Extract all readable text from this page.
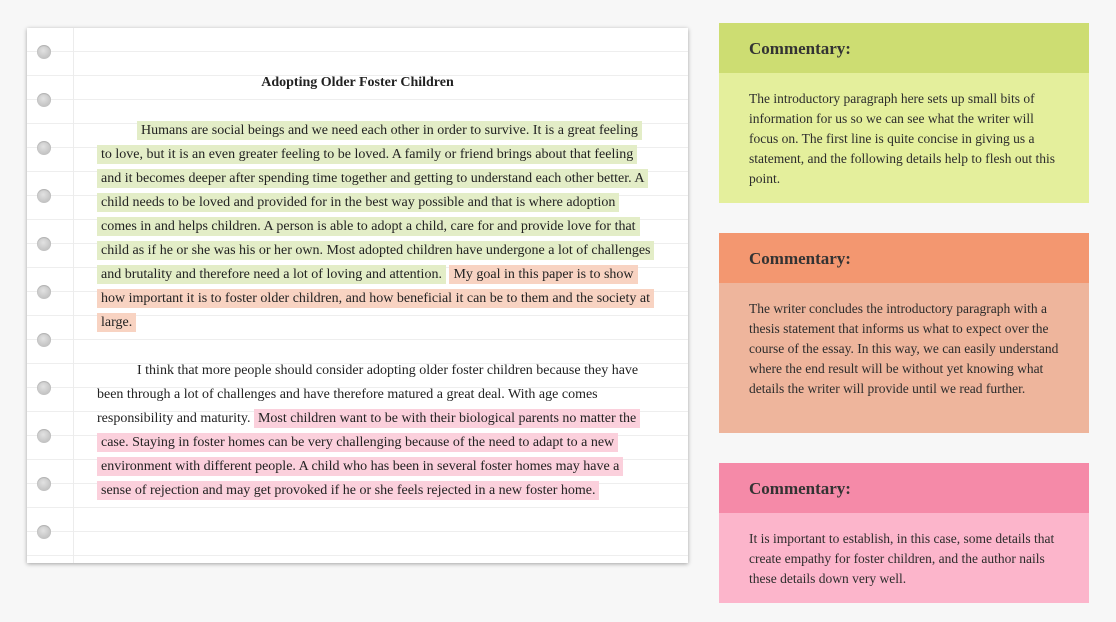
Adopting Older Foster Children

Humans are social beings and we need each other in order to survive. It is a great feeling to love, but it is an even greater feeling to be loved. A family or friend brings about that feeling and it becomes deeper after spending time together and getting to understand each other better. A child needs to be loved and provided for in the best way possible and that is where adoption comes in and helps children. A person is able to adopt a child, care for and provide love for that child as if he or she was his or her own. Most adopted children have undergone a lot of challenges and brutality and therefore need a lot of loving and attention. My goal in this paper is to show how important it is to foster older children, and how beneficial it can be to them and the society at large.

I think that more people should consider adopting older foster children because they have been through a lot of challenges and have therefore matured a great deal. With age comes responsibility and maturity. Most children want to be with their biological parents no matter the case. Staying in foster homes can be very challenging because of the need to adapt to a new environment with different people. A child who has been in several foster homes may have a sense of rejection and may get provoked if he or she feels rejected in a new foster home.

Commentary:
The introductory paragraph here sets up small bits of information for us so we can see what the writer will focus on. The first line is quite concise in giving us a statement, and the following details help to flesh out this point.
Commentary:
The writer concludes the introductory paragraph with a thesis statement that informs us what to expect over the course of the essay. In this way, we can easily understand where the end result will be without yet knowing what details the writer will provide until we read further.
Commentary:
It is important to establish, in this case, some details that create empathy for foster children, and the author nails these details down very well.
